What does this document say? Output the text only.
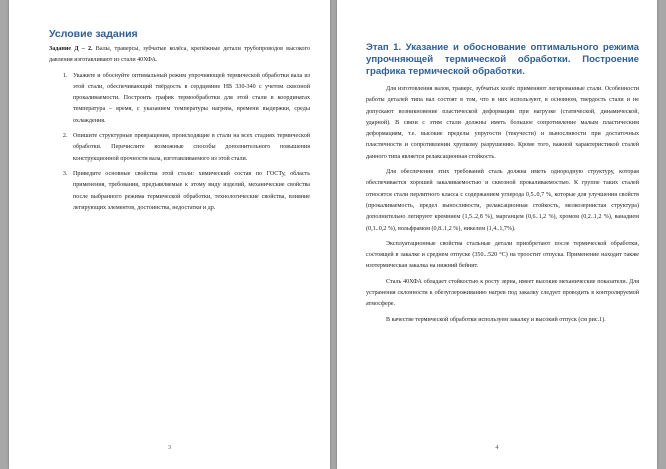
Условие задания

Задание Д – 2. Валы, траверсы, зубчатые колёса, крепёжные детали трубопроводов высокого давления изготавливают из стали 40ХФА.

1. Укажите и обоснуйте оптимальный режим упрочняющей термической обработки вала из этой стали, обеспечивающий твёрдость в сердцевине НВ 330-340 с учетом сквозной прокаливаемости. Построить график термообработки для этой стали в координатах температура – время, с указанием температуры нагрева, времени выдержки, среды охлаждения.
2. Опишите структурные превращения, происходящие в стали на всех стадиях термической обработки. Перечислите возможные способы дополнительного повышения конструкционной прочности вала, изготавливаемого из этой стали.
3. Приведите основные свойства этой стали: химический состав по ГОСТу, область применения, требования, предъявляемые к этому виду изделий, механические свойства после выбранного режима термической обработки, технологические свойства, влияние легирующих элементов, достоинства, недостатки и др.
3
Этап 1. Указание и обоснование оптимального режима упрочняющей термической обработки. Построение графика термической обработки.

Для изготовления валов, траверс, зубчатых колёс применяют легированные стали. Особенности работы деталей типа вал состоят в том, что в них используют, в основном, твердость стали и не допускают возникновение пластической деформации при нагрузке (статической, динамической, ударной). В связи с этим стали должны иметь большое сопротивление малым пластическим деформациям, т.е. высокие пределы упругости (текучести) и выносливости при достаточных пластичности и сопротивлении хрупкому разрушению. Кроме того, важной характеристикой сталей данного типа является релаксационная стойкость.

Для обеспечения этих требований сталь должна иметь однородную структуру, которая обеспечивается хорошей закаливаемостью и сквозной прокаливаемостью. К группе таких сталей относятся стали перлитного класса с содержанием углерода 0,5..0,7 %, которые для улучшения свойств (прокаливаемость, предел выносливости, релаксационная стойкость, мелкозернистая структура) дополнительно легируют кремнием (1,5..2,8 %), марганцем (0,6..1,2 %), хромом (0,2..1,2 %), ванадием (0,1..0,2 %), вольфрамом (0,8..1,2 %), никелем (1,4..1,7%).

Эксплуатационные свойства стальные детали приобретают после термической обработки, состоящей в закалке и среднем отпуске (350...520 °С) на троостит отпуска. Применение находит также изотермическая закалка на нижний бейнит.

Сталь 40ХФА обладает стойкостью к росту зерна, имеет высокие механические показатели. Для устранения склонности к обезуглероживанию нагрев под закалку следует проводить в контролируемой атмосфере.

В качестве термической обработки используем закалку и высокий отпуск (см рис.1).

4
